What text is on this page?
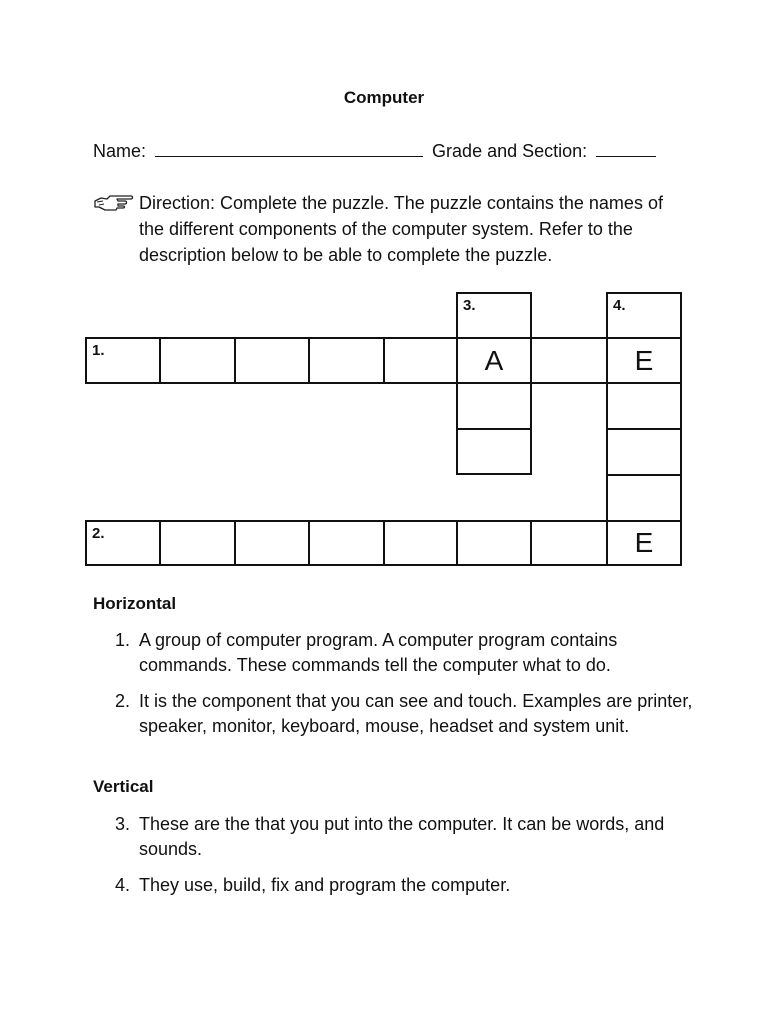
Computer
Name:	Grade and Section:
Direction: Complete the puzzle. The puzzle contains the names of the different components of the computer system. Refer to the description below to be able to complete the puzzle.
1.	A	E
3.	4.
2.	E
Horizontal
1. A group of computer program. A computer program contains commands. These commands tell the computer what to do.
2. It is the component that you can see and touch. Examples are printer, speaker, monitor, keyboard, mouse, headset and system unit.
Vertical
3. These are the that you put into the computer. It can be words, and sounds.
4. They use, build, fix and program the computer.
